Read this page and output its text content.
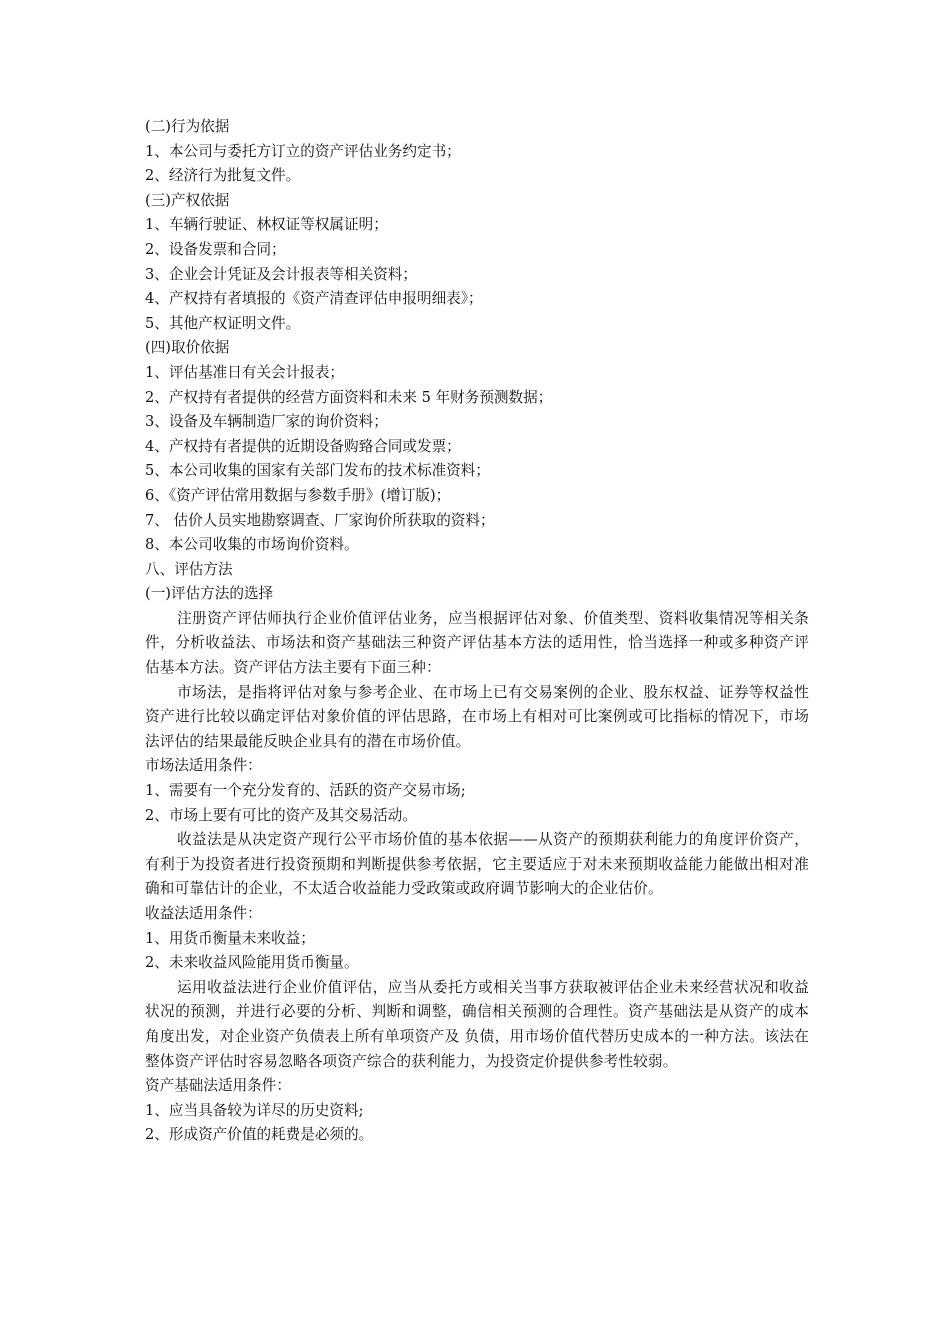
(二)行为依据
1、本公司与委托方订立的资产评估业务约定书；
2、经济行为批复文件。
(三)产权依据
1、车辆行驶证、林权证等权属证明；
2、设备发票和合同；
3、企业会计凭证及会计报表等相关资料；
4、产权持有者填报的《资产清查评估申报明细表》；
5、其他产权证明文件。
(四)取价依据
1、评估基准日有关会计报表；
2、产权持有者提供的经营方面资料和未来 5 年财务预测数据；
3、设备及车辆制造厂家的询价资料；
4、产权持有者提供的近期设备购臵合同或发票；
5、本公司收集的国家有关部门发布的技术标准资料；
6、《资产评估常用数据与参数手册》(增订版)；
7、 估价人员实地勘察调查、厂家询价所获取的资料；
8、本公司收集的市场询价资料。
八、评估方法
(一)评估方法的选择
注册资产评估师执行企业价值评估业务，应当根据评估对象、价值类型、资料收集情况等相关条件，分析收益法、市场法和资产基础法三种资产评估基本方法的适用性，恰当选择一种或多种资产评估基本方法。资产评估方法主要有下面三种：
市场法，是指将评估对象与参考企业、在市场上已有交易案例的企业、股东权益、证券等权益性资产进行比较以确定评估对象价值的评估思路，在市场上有相对可比案例或可比指标的情况下，市场法评估的结果最能反映企业具有的潜在市场价值。
市场法适用条件：
1、需要有一个充分发育的、活跃的资产交易市场;
2、市场上要有可比的资产及其交易活动。
收益法是从决定资产现行公平市场价值的基本依据——从资产的预期获利能力的角度评价资产，有利于为投资者进行投资预期和判断提供参考依据，它主要适应于对未来预期收益能力能做出相对准确和可靠估计的企业，不太适合收益能力受政策或政府调节影响大的企业估价。
收益法适用条件：
1、用货币衡量未来收益；
2、未来收益风险能用货币衡量。
运用收益法进行企业价值评估，应当从委托方或相关当事方获取被评估企业未来经营状况和收益状况的预测，并进行必要的分析、判断和调整，确信相关预测的合理性。资产基础法是从资产的成本角度出发，对企业资产负债表上所有单项资产及 负债，用市场价值代替历史成本的一种方法。该法在整体资产评估时容易忽略各项资产综合的获利能力，为投资定价提供参考性较弱。
资产基础法适用条件：
1、应当具备较为详尽的历史资料;
2、形成资产价值的耗费是必须的。
